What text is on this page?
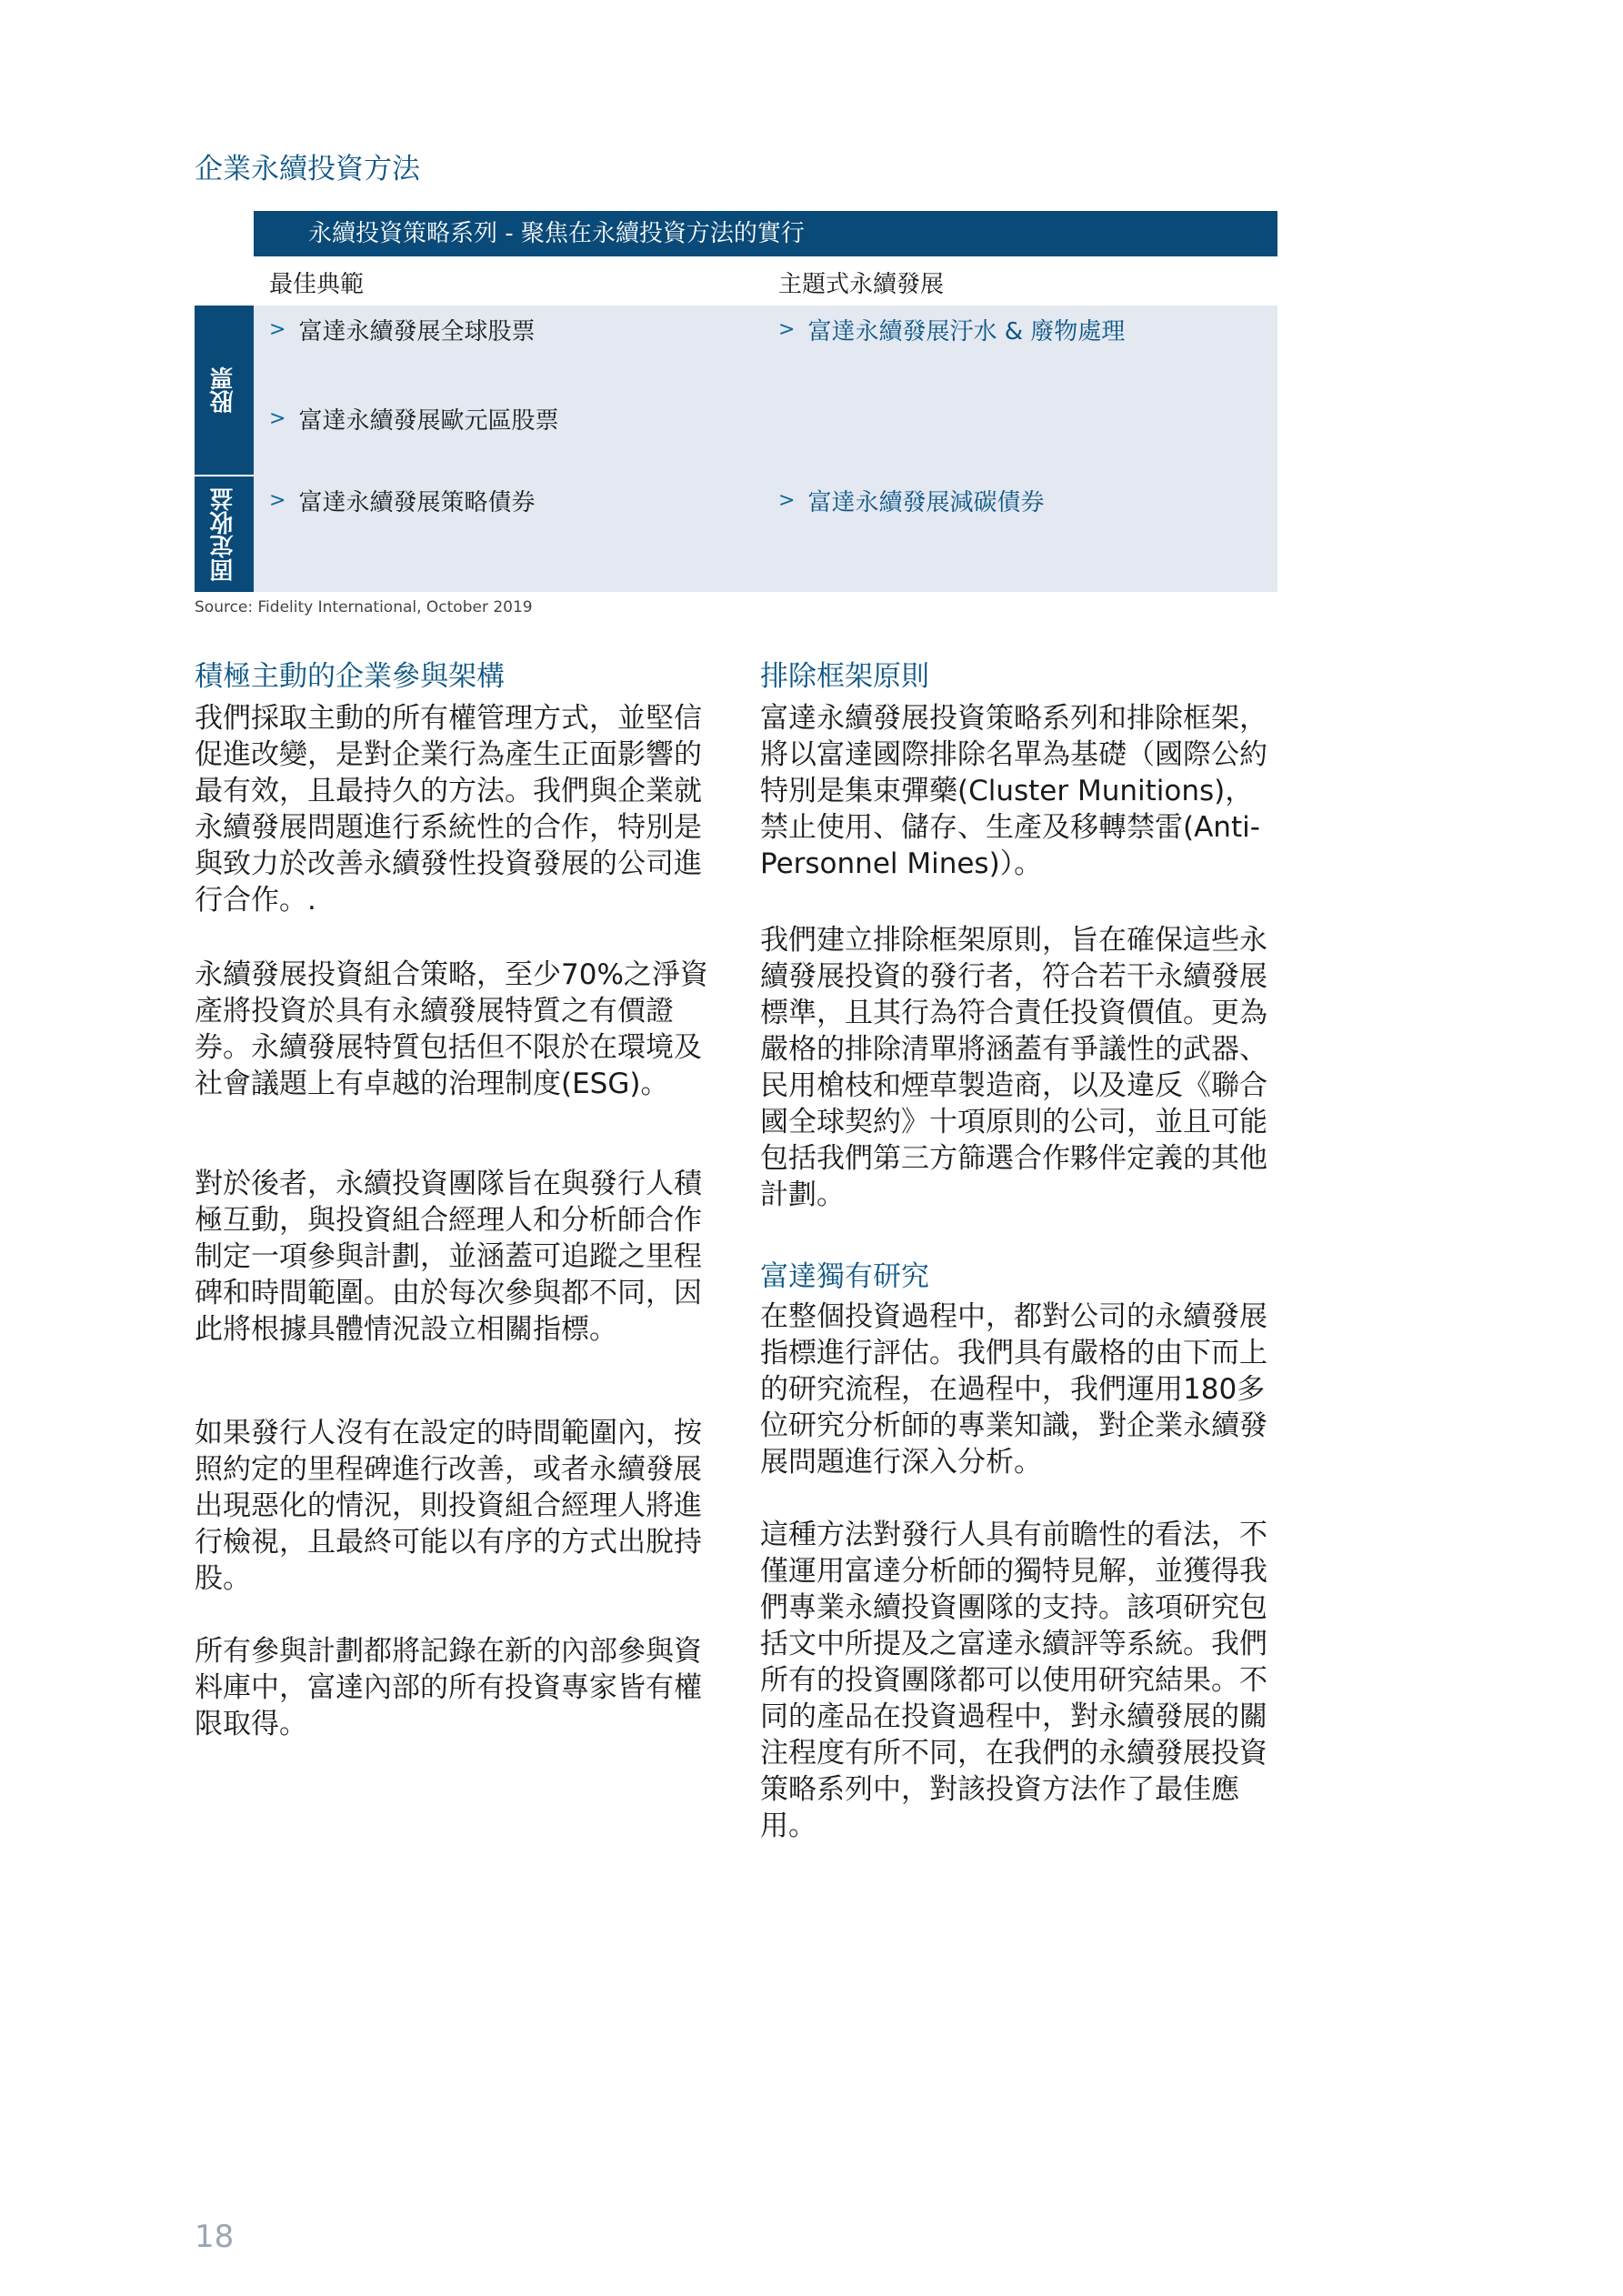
企業永續投資方法
永續投資策略系列 - 聚焦在永續投資方法的實行
最佳典範	主題式永續發展
股票
固定收益
> 富達永續發展全球股票
> 富達永續發展歐元區股票
> 富達永續發展汙水 & 廢物處理
> 富達永續發展策略債券	> 富達永續發展減碳債券
Source: Fidelity International, October 2019
積極主動的企業參與架構
我們採取主動的所有權管理方式，並堅信促進改變，是對企業行為產生正面影響的最有效，且最持久的方法。我們與企業就永續發展問題進行系統性的合作，特別是與致力於改善永續發性投資發展的公司進行合作。.
永續發展投資組合策略，至少70%之淨資產將投資於具有永續發展特質之有價證券。永續發展特質包括但不限於在環境及社會議題上有卓越的治理制度(ESG)。
對於後者，永續投資團隊旨在與發行人積極互動，與投資組合經理人和分析師合作制定一項參與計劃，並涵蓋可追蹤之里程碑和時間範圍。由於每次參與都不同，因此將根據具體情況設立相關指標。
如果發行人沒有在設定的時間範圍內，按照約定的里程碑進行改善，或者永續發展出現惡化的情況，則投資組合經理人將進行檢視，且最終可能以有序的方式出脫持股。
所有參與計劃都將記錄在新的內部參與資料庫中，富達內部的所有投資專家皆有權限取得。
排除框架原則
富達永續發展投資策略系列和排除框架，將以富達國際排除名單為基礎（國際公約特別是集束彈藥(Cluster Munitions)，禁止使用、儲存、生產及移轉禁雷(Anti-Personnel Mines)）。
我們建立排除框架原則，旨在確保這些永續發展投資的發行者，符合若干永續發展標準，且其行為符合責任投資價值。更為嚴格的排除清單將涵蓋有爭議性的武器、民用槍枝和煙草製造商，以及違反《聯合國全球契約》十項原則的公司，並且可能包括我們第三方篩選合作夥伴定義的其他計劃。
富達獨有研究
在整個投資過程中，都對公司的永續發展指標進行評估。我們具有嚴格的由下而上的研究流程，在過程中，我們運用180多位研究分析師的專業知識，對企業永續發展問題進行深入分析。
這種方法對發行人具有前瞻性的看法，不僅運用富達分析師的獨特見解，並獲得我們專業永續投資團隊的支持。該項研究包括文中所提及之富達永續評等系統。我們所有的投資團隊都可以使用研究結果。不同的產品在投資過程中，對永續發展的關注程度有所不同，在我們的永續發展投資策略系列中，對該投資方法作了最佳應用。
18
